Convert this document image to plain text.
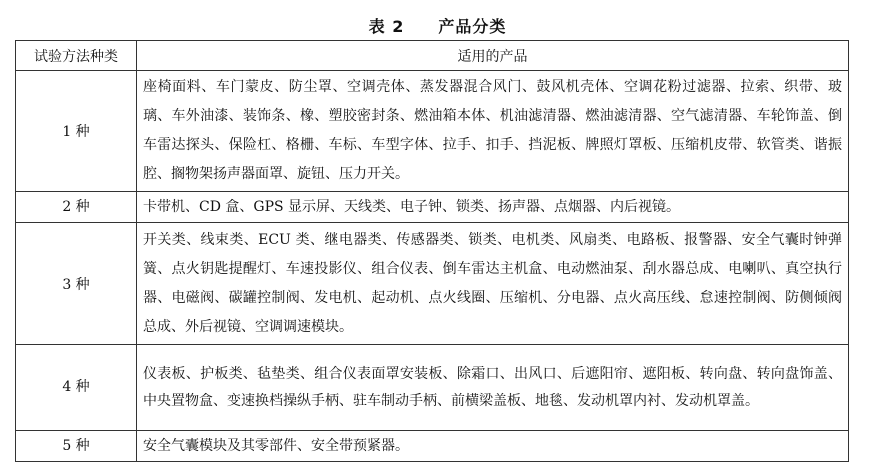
表 2 产品分类
试验方法种类	适用的产品
1 种	座椅面料、车门蒙皮、防尘罩、空调壳体、蒸发器混合风门、鼓风机壳体、空调花粉过滤器、拉索、织带、玻璃、车外油漆、装饰条、橡、塑胶密封条、燃油箱本体、机油滤清器、燃油滤清器、空气滤清器、车轮饰盖、倒车雷达探头、保险杠、格栅、车标、车型字体、拉手、扣手、挡泥板、牌照灯罩板、压缩机皮带、软管类、谐振腔、搁物架扬声器面罩、旋钮、压力开关。
2 种	卡带机、CD 盒、GPS 显示屏、天线类、电子钟、锁类、扬声器、点烟器、内后视镜。
3 种	开关类、线束类、ECU 类、继电器类、传感器类、锁类、电机类、风扇类、电路板、报警器、安全气囊时钟弹簧、点火钥匙提醒灯、车速投影仪、组合仪表、倒车雷达主机盒、电动燃油泵、刮水器总成、电喇叭、真空执行器、电磁阀、碳罐控制阀、发电机、起动机、点火线圈、压缩机、分电器、点火高压线、怠速控制阀、防侧倾阀总成、外后视镜、空调调速模块。
4 种	仪表板、护板类、毡垫类、组合仪表面罩安装板、除霜口、出风口、后遮阳帘、遮阳板、转向盘、转向盘饰盖、中央置物盒、变速换档操纵手柄、驻车制动手柄、前横梁盖板、地毯、发动机罩内衬、发动机罩盖。
5 种	安全气囊模块及其零部件、安全带预紧器。
